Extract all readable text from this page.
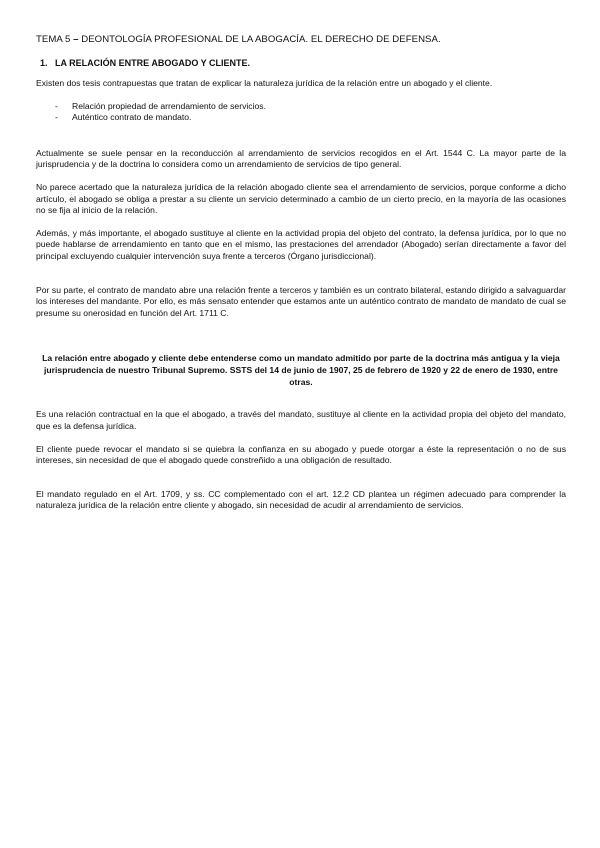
TEMA 5 – DEONTOLOGÍA PROFESIONAL DE LA ABOGACÍA. EL DERECHO DE DEFENSA.
1. LA RELACIÓN ENTRE ABOGADO Y CLIENTE.

Existen dos tesis contrapuestas que tratan de explicar la naturaleza jurídica de la relación entre un abogado y el cliente.

- Relación propiedad de arrendamiento de servicios.
- Auténtico contrato de mandato.

Actualmente se suele pensar en la reconducción al arrendamiento de servicios recogidos en el Art. 1544 C. La mayor parte de la jurisprudencia y de la doctrina lo considera como un arrendamiento de servicios de tipo general.

No parece acertado que la naturaleza jurídica de la relación abogado cliente sea el arrendamiento de servicios, porque conforme a dicho artículo, el abogado se obliga a prestar a su cliente un servicio determinado a cambio de un cierto precio, en la mayoría de las ocasiones no se fija al inicio de la relación.

Además, y más importante, el abogado sustituye al cliente en la actividad propia del objeto del contrato, la defensa jurídica, por lo que no puede hablarse de arrendamiento en tanto que en el mismo, las prestaciones del arrendador (Abogado) serían directamente a favor del principal excluyendo cualquier intervención suya frente a terceros (Órgano jurisdiccional).

Por su parte, el contrato de mandato abre una relación frente a terceros y también es un contrato bilateral, estando dirigido a salvaguardar los intereses del mandante. Por ello, es más sensato entender que estamos ante un auténtico contrato de mandato de mandato de cual se presume su onerosidad en función del Art. 1711 C.

La relación entre abogado y cliente debe entenderse como un mandato admitido por parte de la doctrina más antigua y la vieja jurisprudencia de nuestro Tribunal Supremo. SSTS del 14 de junio de 1907, 25 de febrero de 1920 y 22 de enero de 1930, entre otras.

Es una relación contractual en la que el abogado, a través del mandato, sustituye al cliente en la actividad propia del objeto del mandato, que es la defensa jurídica.

El cliente puede revocar el mandato si se quiebra la confianza en su abogado y puede otorgar a éste la representación o no de sus intereses, sin necesidad de que el abogado quede constreñido a una obligación de resultado.

El mandato regulado en el Art. 1709, y ss. CC complementado con el art. 12.2 CD plantea un régimen adecuado para comprender la naturaleza jurídica de la relación entre cliente y abogado, sin necesidad de acudir al arrendamiento de servicios.
